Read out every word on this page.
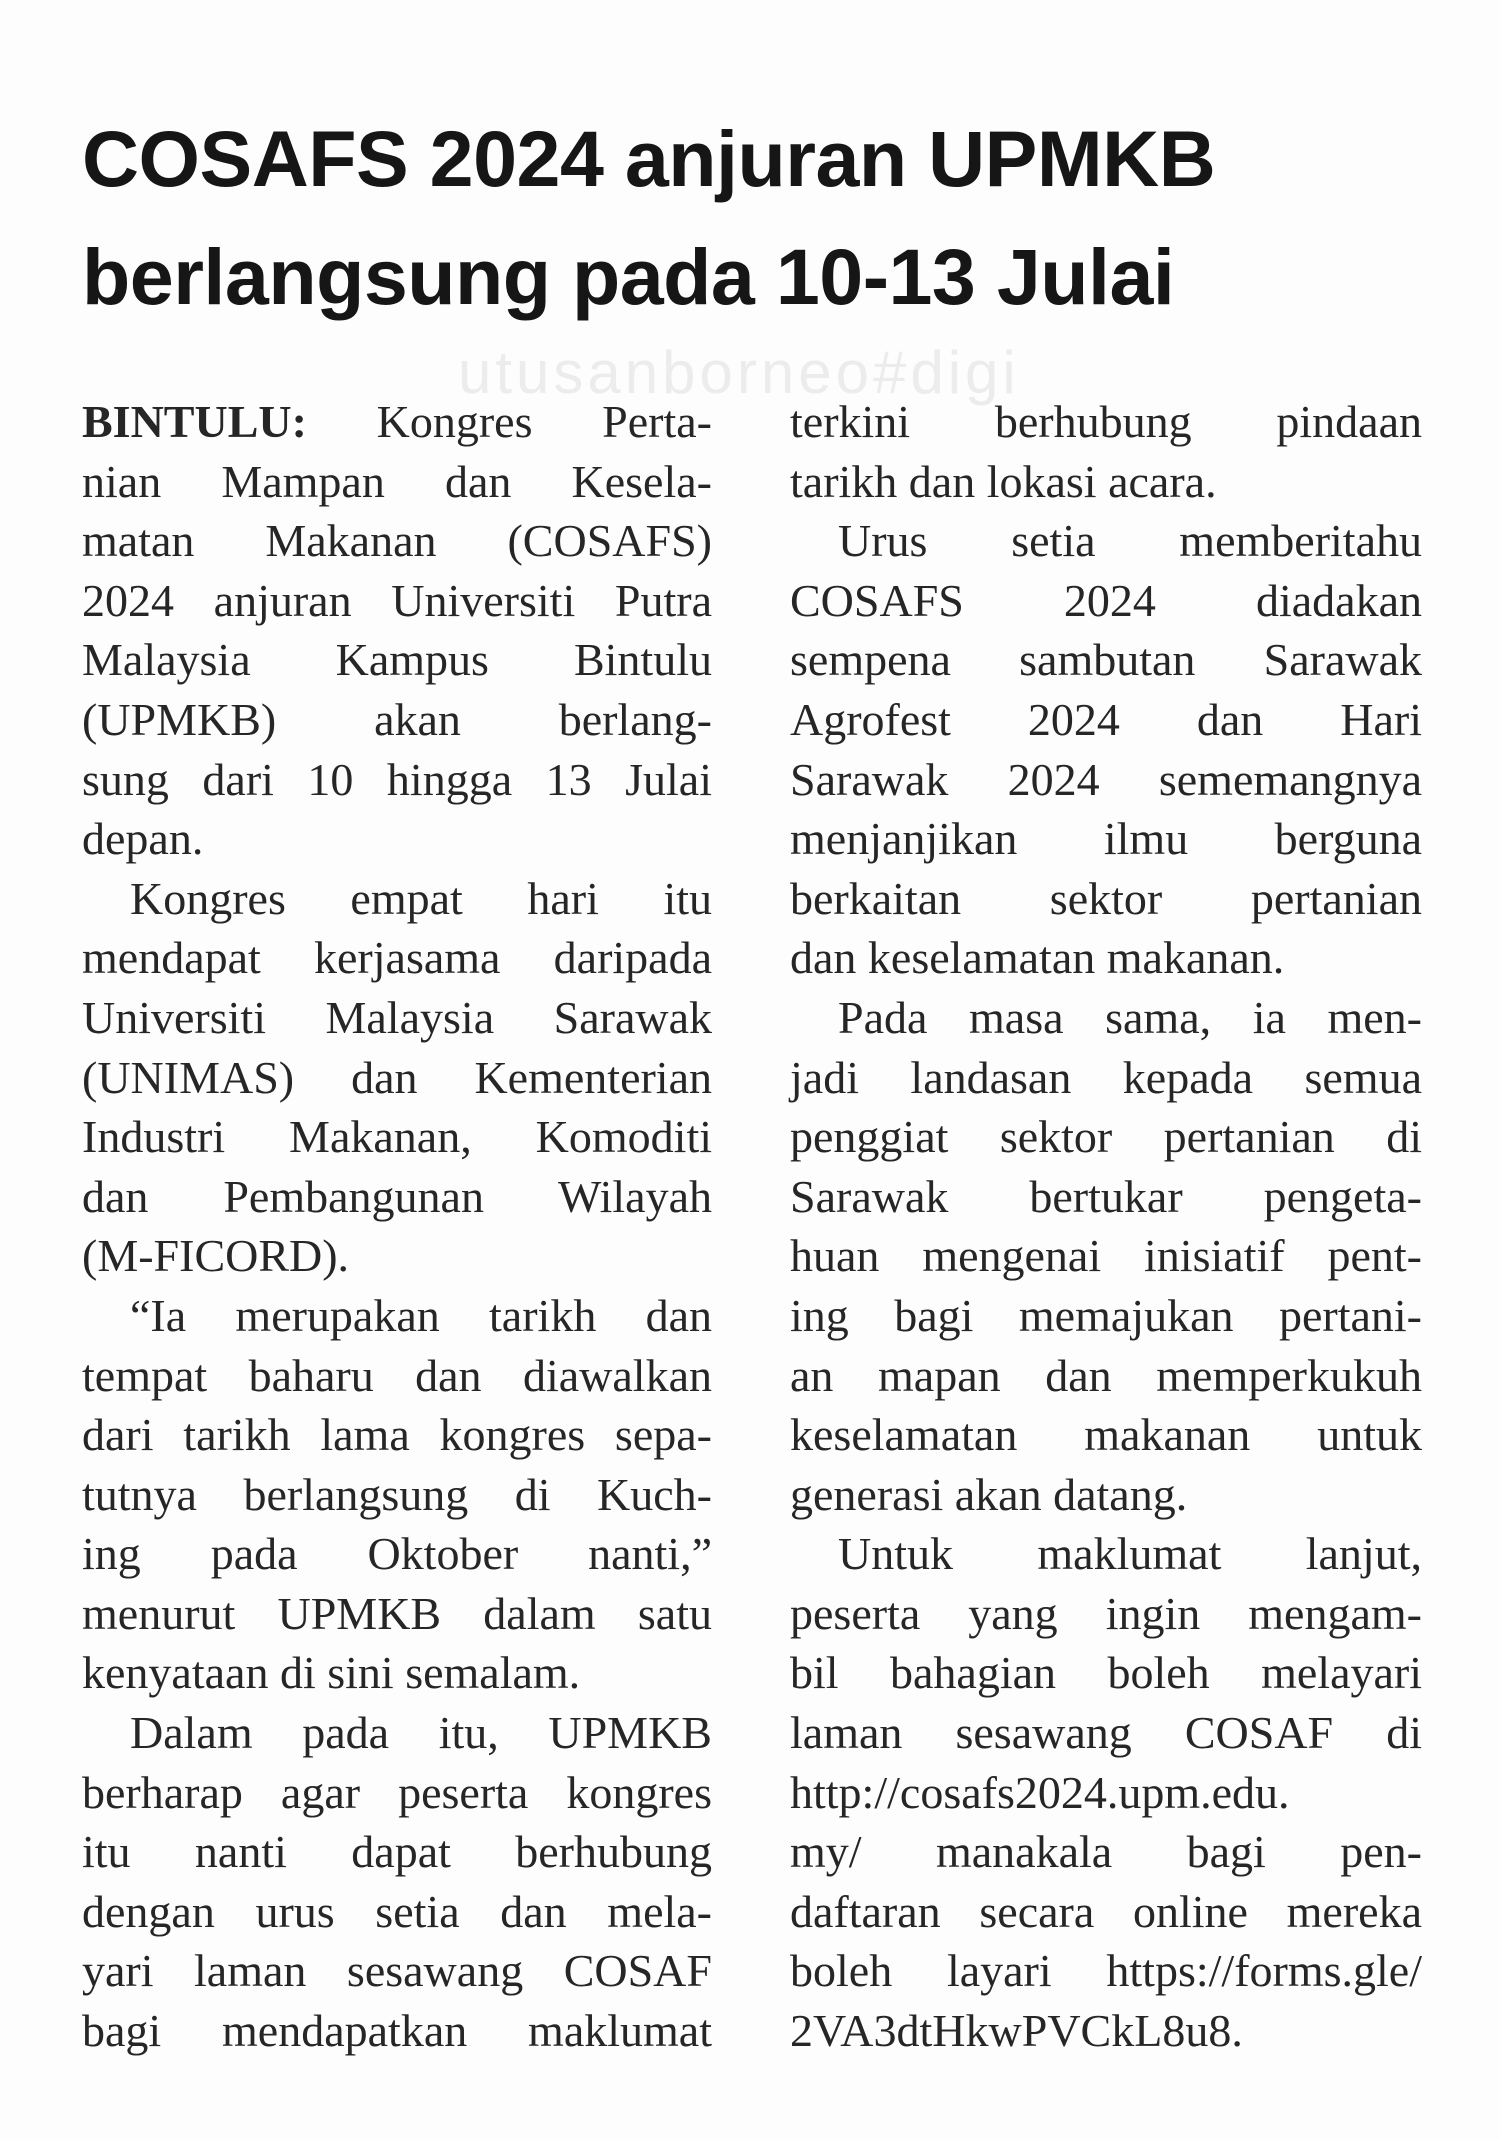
COSAFS 2024 anjuran UPMKB
berlangsung pada 10-13 Julai
utusanborneo#digi

BINTULU: Kongres Perta-
nian Mampan dan Kesela-
matan Makanan (COSAFS)
2024 anjuran Universiti Putra
Malaysia Kampus Bintulu
(UPMKB) akan berlang-
sung dari 10 hingga 13 Julai
depan.

Kongres empat hari itu
mendapat kerjasama daripada
Universiti Malaysia Sarawak
(UNIMAS) dan Kementerian
Industri Makanan, Komoditi
dan Pembangunan Wilayah
(M-FICORD).

“Ia merupakan tarikh dan
tempat baharu dan diawalkan
dari tarikh lama kongres sepa-
tutnya berlangsung di Kuch-
ing pada Oktober nanti,”
menurut UPMKB dalam satu
kenyataan di sini semalam.

Dalam pada itu, UPMKB
berharap agar peserta kongres
itu nanti dapat berhubung
dengan urus setia dan mela-
yari laman sesawang COSAF
bagi mendapatkan maklumat

terkini berhubung pindaan
tarikh dan lokasi acara.

Urus setia memberitahu
COSAFS 2024 diadakan
sempena sambutan Sarawak
Agrofest 2024 dan Hari
Sarawak 2024 sememangnya
menjanjikan ilmu berguna
berkaitan sektor pertanian
dan keselamatan makanan.

Pada masa sama, ia men-
jadi landasan kepada semua
penggiat sektor pertanian di
Sarawak bertukar pengeta-
huan mengenai inisiatif pent-
ing bagi memajukan pertani-
an mapan dan memperkukuh
keselamatan makanan untuk
generasi akan datang.

Untuk maklumat lanjut,
peserta yang ingin mengam-
bil bahagian boleh melayari
laman sesawang COSAF di
http://cosafs2024.upm.edu.
my/ manakala bagi pen-
daftaran secara online mereka
boleh layari https://forms.gle/
2VA3dtHkwPVCkL8u8.
